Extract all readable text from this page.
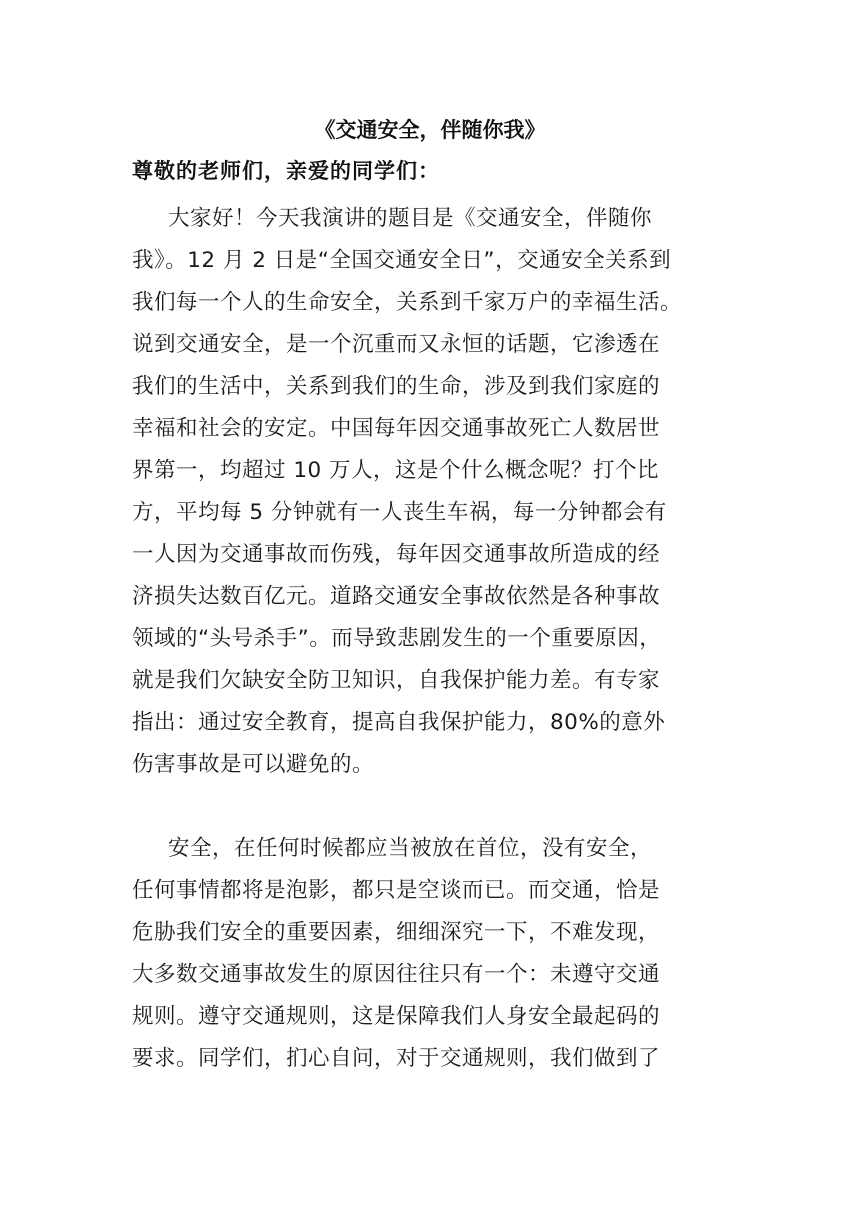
《交通安全，伴随你我》
尊敬的老师们，亲爱的同学们：
大家好！今天我演讲的题目是《交通安全，伴随你
我》。12 月 2 日是“全国交通安全日”，交通安全关系到
我们每一个人的生命安全，关系到千家万户的幸福生活。
说到交通安全，是一个沉重而又永恒的话题，它渗透在
我们的生活中，关系到我们的生命，涉及到我们家庭的
幸福和社会的安定。中国每年因交通事故死亡人数居世
界第一，均超过 10 万人，这是个什么概念呢？打个比
方，平均每 5 分钟就有一人丧生车祸，每一分钟都会有
一人因为交通事故而伤残，每年因交通事故所造成的经
济损失达数百亿元。道路交通安全事故依然是各种事故
领域的“头号杀手”。而导致悲剧发生的一个重要原因，
就是我们欠缺安全防卫知识，自我保护能力差。有专家
指出：通过安全教育，提高自我保护能力，80%的意外
伤害事故是可以避免的。
安全，在任何时候都应当被放在首位，没有安全，
任何事情都将是泡影，都只是空谈而已。而交通，恰是
危胁我们安全的重要因素，细细深究一下，不难发现，
大多数交通事故发生的原因往往只有一个：未遵守交通
规则。遵守交通规则，这是保障我们人身安全最起码的
要求。同学们，扪心自问，对于交通规则，我们做到了
